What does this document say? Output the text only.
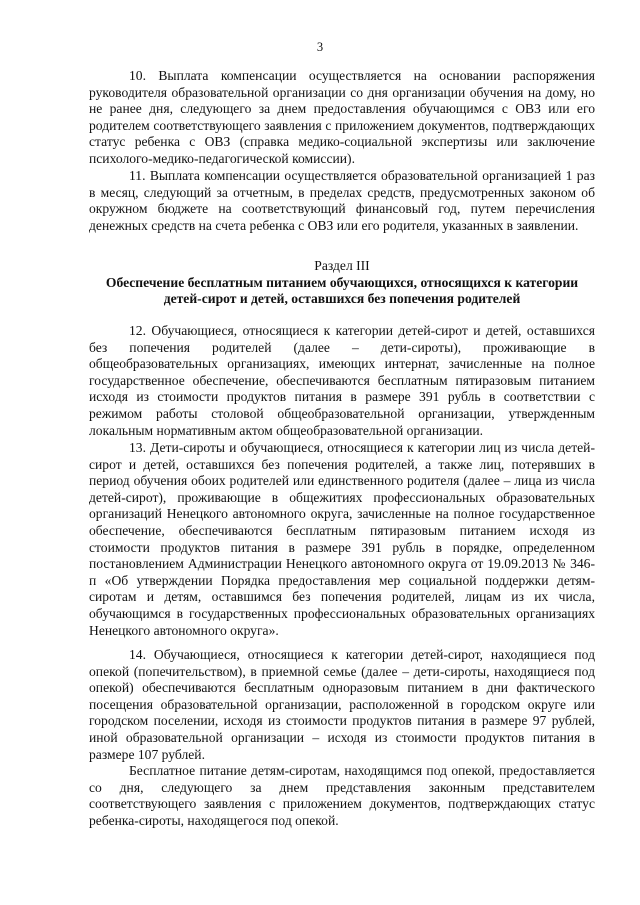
3

10. Выплата компенсации осуществляется на основании распоряжения руководителя образовательной организации со дня организации обучения на дому, но не ранее дня, следующего за днем предоставления обучающимся с ОВЗ или его родителем соответствующего заявления с приложением документов, подтверждающих статус ребенка с ОВЗ (справка медико-социальной экспертизы или заключение психолого-медико-педагогической комиссии).

11. Выплата компенсации осуществляется образовательной организацией 1 раз в месяц, следующий за отчетным, в пределах средств, предусмотренных законом об окружном бюджете на соответствующий финансовый год, путем перечисления денежных средств на счета ребенка с ОВЗ или его родителя, указанных в заявлении.

Раздел III

Обеспечение бесплатным питанием обучающихся, относящихся к категории детей-сирот и детей, оставшихся без попечения родителей

12. Обучающиеся, относящиеся к категории детей-сирот и детей, оставшихся без попечения родителей (далее – дети-сироты), проживающие в общеобразовательных организациях, имеющих интернат, зачисленные на полное государственное обеспечение, обеспечиваются бесплатным пятиразовым питанием исходя из стоимости продуктов питания в размере 391 рубль в соответствии с режимом работы столовой общеобразовательной организации, утвержденным локальным нормативным актом общеобразовательной организации.

13. Дети-сироты и обучающиеся, относящиеся к категории лиц из числа детей-сирот и детей, оставшихся без попечения родителей, а также лиц, потерявших в период обучения обоих родителей или единственного родителя (далее – лица из числа детей-сирот), проживающие в общежитиях профессиональных образовательных организаций Ненецкого автономного округа, зачисленные на полное государственное обеспечение, обеспечиваются бесплатным пятиразовым питанием исходя из стоимости продуктов питания в размере 391 рубль в порядке, определенном постановлением Администрации Ненецкого автономного округа от 19.09.2013 № 346-п «Об утверждении Порядка предоставления мер социальной поддержки детям-сиротам и детям, оставшимся без попечения родителей, лицам из их числа, обучающимся в государственных профессиональных образовательных организациях Ненецкого автономного округа».

14. Обучающиеся, относящиеся к категории детей-сирот, находящиеся под опекой (попечительством), в приемной семье (далее – дети-сироты, находящиеся под опекой) обеспечиваются бесплатным одноразовым питанием в дни фактического посещения образовательной организации, расположенной в городском округе или городском поселении, исходя из стоимости продуктов питания в размере 97 рублей, иной образовательной организации – исходя из стоимости продуктов питания в размере 107 рублей.

Бесплатное питание детям-сиротам, находящимся под опекой, предоставляется со дня, следующего за днем представления законным представителем соответствующего заявления с приложением документов, подтверждающих статус ребенка-сироты, находящегося под опекой.
